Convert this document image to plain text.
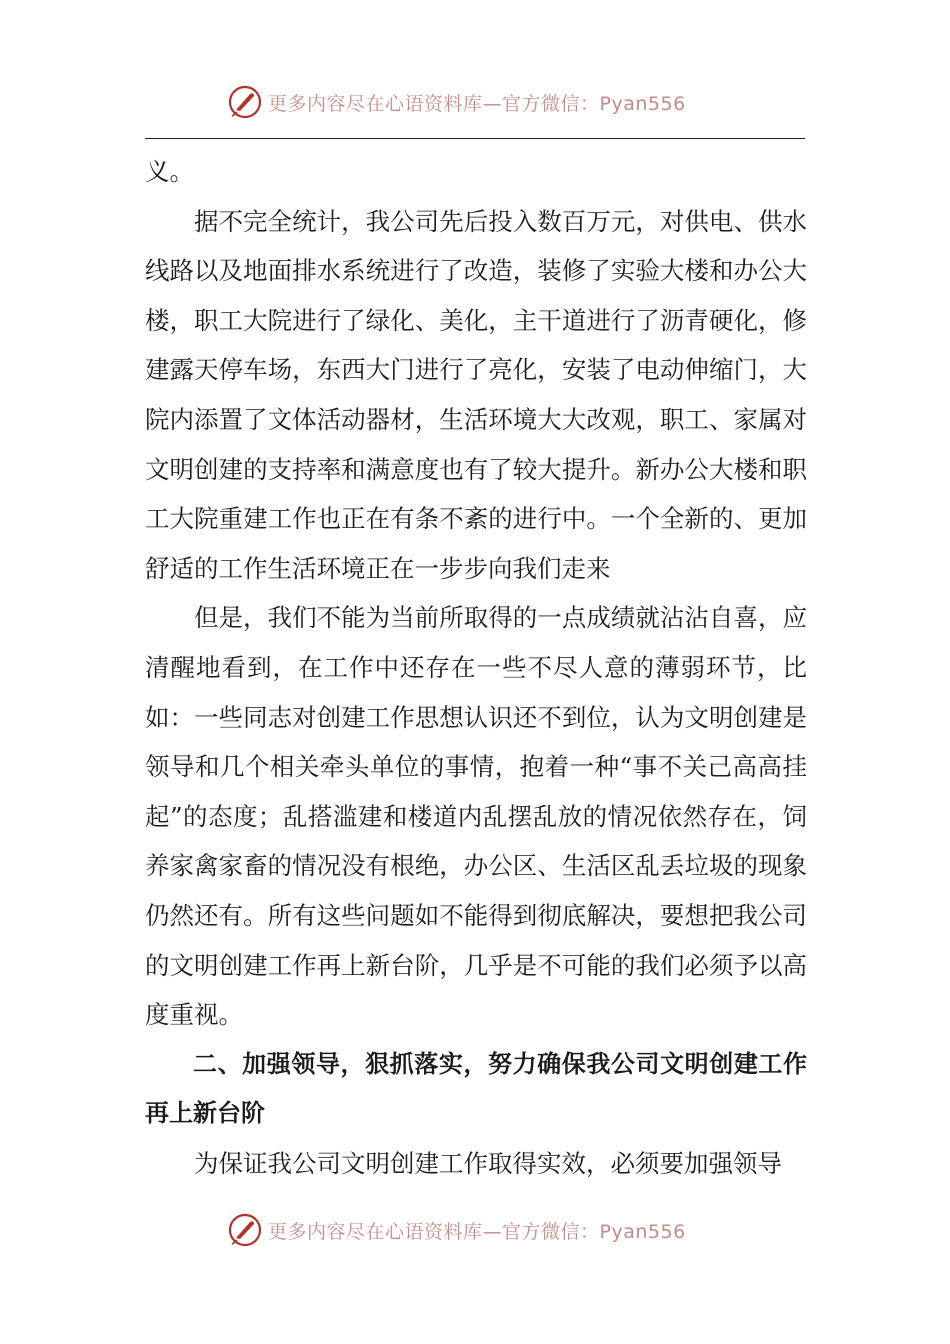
更多内容尽在心语资料库—官方微信：Pyan556

义。

据不完全统计，我公司先后投入数百万元，对供电、供水线路以及地面排水系统进行了改造，装修了实验大楼和办公大楼，职工大院进行了绿化、美化，主干道进行了沥青硬化，修建露天停车场，东西大门进行了亮化，安装了电动伸缩门，大院内添置了文体活动器材，生活环境大大改观，职工、家属对文明创建的支持率和满意度也有了较大提升。新办公大楼和职工大院重建工作也正在有条不紊的进行中。一个全新的、更加舒适的工作生活环境正在一步步向我们走来

但是，我们不能为当前所取得的一点成绩就沾沾自喜，应清醒地看到，在工作中还存在一些不尽人意的薄弱环节，比如：一些同志对创建工作思想认识还不到位，认为文明创建是领导和几个相关牵头单位的事情，抱着一种“事不关己高高挂起”的态度；乱搭滥建和楼道内乱摆乱放的情况依然存在，饲养家禽家畜的情况没有根绝，办公区、生活区乱丢垃圾的现象仍然还有。所有这些问题如不能得到彻底解决，要想把我公司的文明创建工作再上新台阶，几乎是不可能的我们必须予以高度重视。

二、加强领导，狠抓落实，努力确保我公司文明创建工作再上新台阶

为保证我公司文明创建工作取得实效，必须要加强领导

更多内容尽在心语资料库—官方微信：Pyan556
